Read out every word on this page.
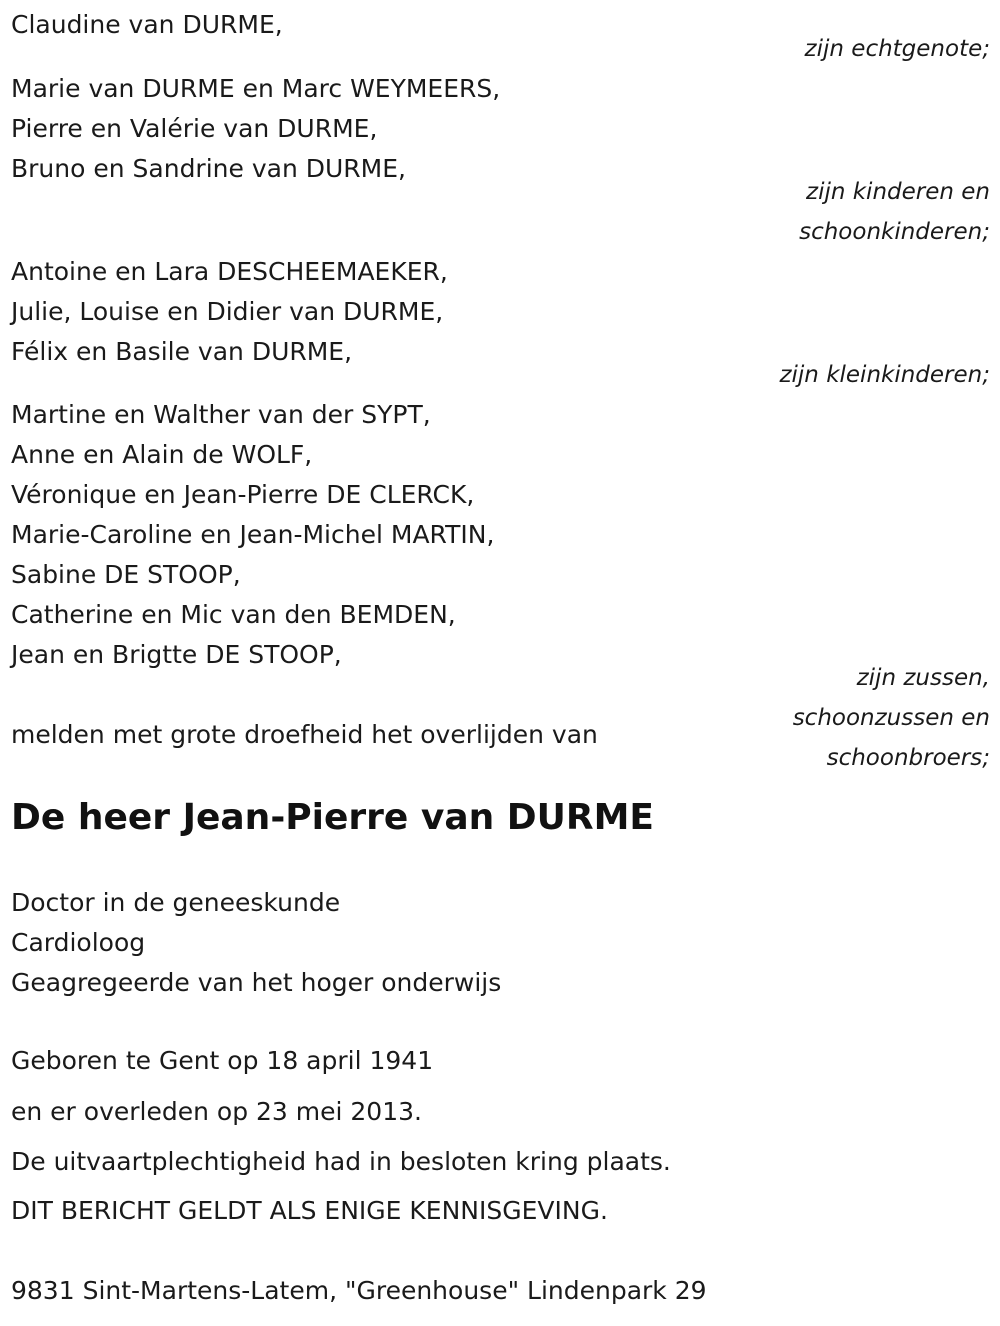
Claudine van DURME,
zijn echtgenote;
Marie van DURME en Marc WEYMEERS,
Pierre en Valérie van DURME,
Bruno en Sandrine van DURME,
zijn kinderen en
schoonkinderen;
Antoine en Lara DESCHEEMAEKER,
Julie, Louise en Didier van DURME,
Félix en Basile van DURME,
zijn kleinkinderen;
Martine en Walther van der SYPT,
Anne en Alain de WOLF,
Véronique en Jean-Pierre DE CLERCK,
Marie-Caroline en Jean-Michel MARTIN,
Sabine DE STOOP,
Catherine en Mic van den BEMDEN,
Jean en Brigtte DE STOOP,
zijn zussen,
schoonzussen en
schoonbroers;
melden met grote droefheid het overlijden van
De heer Jean-Pierre van DURME
Doctor in de geneeskunde
Cardioloog
Geagregeerde van het hoger onderwijs
Geboren te Gent op 18 april 1941
en er overleden op 23 mei 2013.
De uitvaartplechtigheid had in besloten kring plaats.
DIT BERICHT GELDT ALS ENIGE KENNISGEVING.
9831 Sint-Martens-Latem, "Greenhouse" Lindenpark 29
